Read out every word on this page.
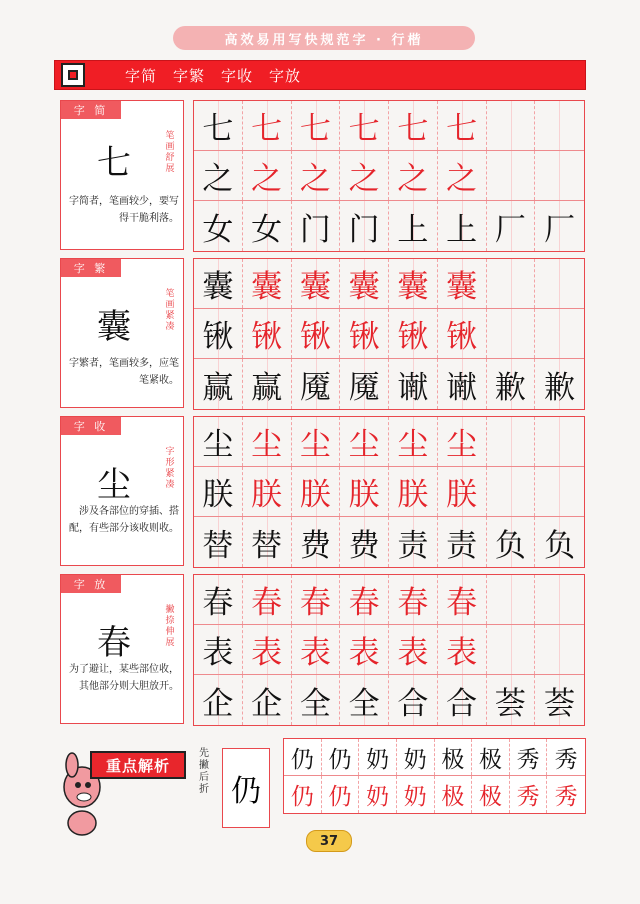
高效易用写快规范字 · 行楷
字简　字繁　字收　字放
字 简
七
笔画舒展
字简者，笔画较少，要写得干脆利落。
字 繁
囊
笔画紧凑
字繁者，笔画较多，应笔笔紧收。
字 收
尘
字形紧凑
涉及各部位的穿插、搭配，有些部分该收则收。
字 放
春
撇捺伸展
为了避让，某些部位收，其他部分则大胆放开。
七 七 七 七 七 七
之 之 之 之 之 之
女 女 门 门 上 上 厂 厂
囊 囊 囊 囊 囊 囊
锹 锹 锹 锹 锹 锹
赢 赢 魇 魇 谳 谳 歉 歉
尘 尘 尘 尘 尘 尘
朕 朕 朕 朕 朕 朕
替 替 费 费 责 责 负 负
春 春 春 春 春 春
表 表 表 表 表 表
企 企 全 全 合 合 荟 荟
重点解析
先撇后折 仍
仍 仍 奶 奶 极 极 秀 秀
仍 仍 奶 奶 极 极 秀 秀
37
